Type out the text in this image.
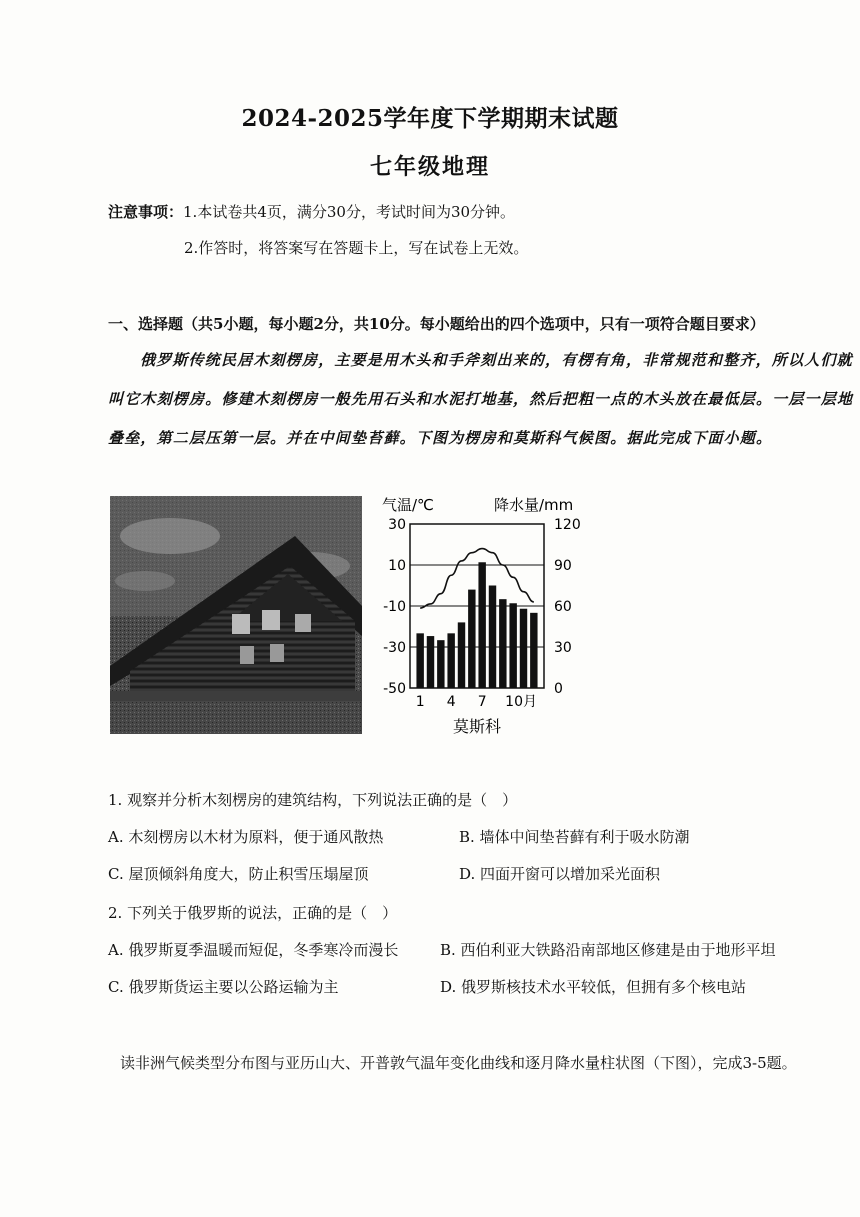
2024-2025学年度下学期期末试题
七年级地理
注意事项：1.本试卷共4页，满分30分，考试时间为30分钟。
2.作答时，将答案写在答题卡上，写在试卷上无效。
一、选择题（共5小题，每小题2分，共10分。每小题给出的四个选项中，只有一项符合题目要求）
俄罗斯传统民居木刻楞房，主要是用木头和手斧刻出来的，有楞有角，非常规范和整齐，所以人们就
叫它木刻楞房。修建木刻楞房一般先用石头和水泥打地基，然后把粗一点的木头放在最低层。一层一层地
叠垒，第二层压第一层。并在中间垫苔藓。下图为楞房和莫斯科气候图。据此完成下面小题。
气温/℃	降水量/mm
30
10
-10
-30
-50
120
90
60
30
0
1 4 7 10月
莫斯科
1. 观察并分析木刻楞房的建筑结构，下列说法正确的是（　）
A. 木刻楞房以木材为原料，便于通风散热	B. 墙体中间垫苔藓有利于吸水防潮
C. 屋顶倾斜角度大，防止积雪压塌屋顶	D. 四面开窗可以增加采光面积
2. 下列关于俄罗斯的说法，正确的是（　）
A. 俄罗斯夏季温暖而短促，冬季寒冷而漫长	B. 西伯利亚大铁路沿南部地区修建是由于地形平坦
C. 俄罗斯货运主要以公路运输为主	D. 俄罗斯核技术水平较低，但拥有多个核电站
读非洲气候类型分布图与亚历山大、开普敦气温年变化曲线和逐月降水量柱状图（下图），完成3-5题。
